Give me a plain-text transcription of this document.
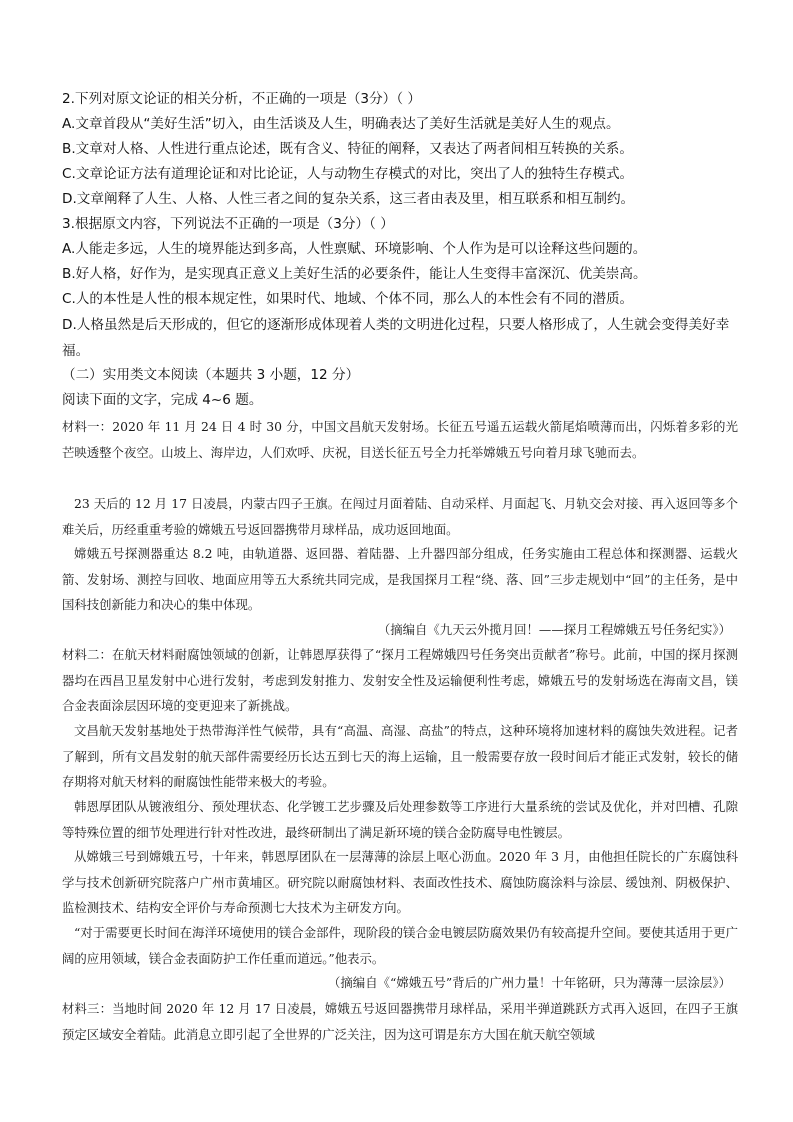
2.下列对原文论证的相关分析，不正确的一项是（3分）（ ）
A.文章首段从“美好生活”切入，由生活谈及人生，明确表达了美好生活就是美好人生的观点。
B.文章对人格、人性进行重点论述，既有含义、特征的阐释，又表达了两者间相互转换的关系。
C.文章论证方法有道理论证和对比论证，人与动物生存模式的对比，突出了人的独特生存模式。
D.文章阐释了人生、人格、人性三者之间的复杂关系，这三者由表及里，相互联系和相互制约。
3.根据原文内容，下列说法不正确的一项是（3分）（ ）
A.人能走多远，人生的境界能达到多高，人性禀赋、环境影响、个人作为是可以诠释这些问题的。
B.好人格，好作为，是实现真正意义上美好生活的必要条件，能让人生变得丰富深沉、优美崇高。
C.人的本性是人性的根本规定性，如果时代、地域、个体不同，那么人的本性会有不同的潜质。
D.人格虽然是后天形成的，但它的逐渐形成体现着人类的文明进化过程，只要人格形成了，人生就会变得美好幸福。
（二）实用类文本阅读（本题共 3 小题，12 分）
阅读下面的文字，完成 4~6 题。
材料一：2020 年 11 月 24 日 4 时 30 分，中国文昌航天发射场。长征五号遥五运载火箭尾焰喷薄而出，闪烁着多彩的光芒映透整个夜空。山坡上、海岸边，人们欢呼、庆祝，目送长征五号全力托举嫦娥五号向着月球飞驰而去。
23 天后的 12 月 17 日凌晨，内蒙古四子王旗。在闯过月面着陆、自动采样、月面起飞、月轨交会对接、再入返回等多个难关后，历经重重考验的嫦娥五号返回器携带月球样品，成功返回地面。
嫦娥五号探测器重达 8.2 吨，由轨道器、返回器、着陆器、上升器四部分组成，任务实施由工程总体和探测器、运载火箭、发射场、测控与回收、地面应用等五大系统共同完成，是我国探月工程“绕、落、回”三步走规划中“回”的主任务，是中国科技创新能力和决心的集中体现。
（摘编自《九天云外揽月回！——探月工程嫦娥五号任务纪实》）
材料二：在航天材料耐腐蚀领域的创新，让韩恩厚获得了“探月工程嫦娥四号任务突出贡献者”称号。此前，中国的探月探测器均在西昌卫星发射中心进行发射，考虑到发射推力、发射安全性及运输便利性考虑，嫦娥五号的发射场选在海南文昌，镁合金表面涂层因环境的变更迎来了新挑战。
文昌航天发射基地处于热带海洋性气候带，具有“高温、高湿、高盐”的特点，这种环境将加速材料的腐蚀失效进程。记者了解到，所有文昌发射的航天部件需要经历长达五到七天的海上运输，且一般需要存放一段时间后才能正式发射，较长的储存期将对航天材料的耐腐蚀性能带来极大的考验。
韩恩厚团队从镀液组分、预处理状态、化学镀工艺步骤及后处理参数等工序进行大量系统的尝试及优化，并对凹槽、孔隙等特殊位置的细节处理进行针对性改进，最终研制出了满足新环境的镁合金防腐导电性镀层。
从嫦娥三号到嫦娥五号，十年来，韩恩厚团队在一层薄薄的涂层上呕心沥血。2020 年 3 月，由他担任院长的广东腐蚀科学与技术创新研究院落户广州市黄埔区。研究院以耐腐蚀材料、表面改性技术、腐蚀防腐涂料与涂层、缓蚀剂、阴极保护、监检测技术、结构安全评价与寿命预测七大技术为主研发方向。
“对于需要更长时间在海洋环境使用的镁合金部件，现阶段的镁合金电镀层防腐效果仍有较高提升空间。要使其适用于更广阔的应用领域，镁合金表面防护工作任重而道远。”他表示。
（摘编自《“嫦娥五号”背后的广州力量！十年铭研，只为薄薄一层涂层》）
材料三：当地时间 2020 年 12 月 17 日凌晨，嫦娥五号返回器携带月球样品，采用半弹道跳跃方式再入返回，在四子王旗预定区域安全着陆。此消息立即引起了全世界的广泛关注，因为这可谓是东方大国在航天航空领域
